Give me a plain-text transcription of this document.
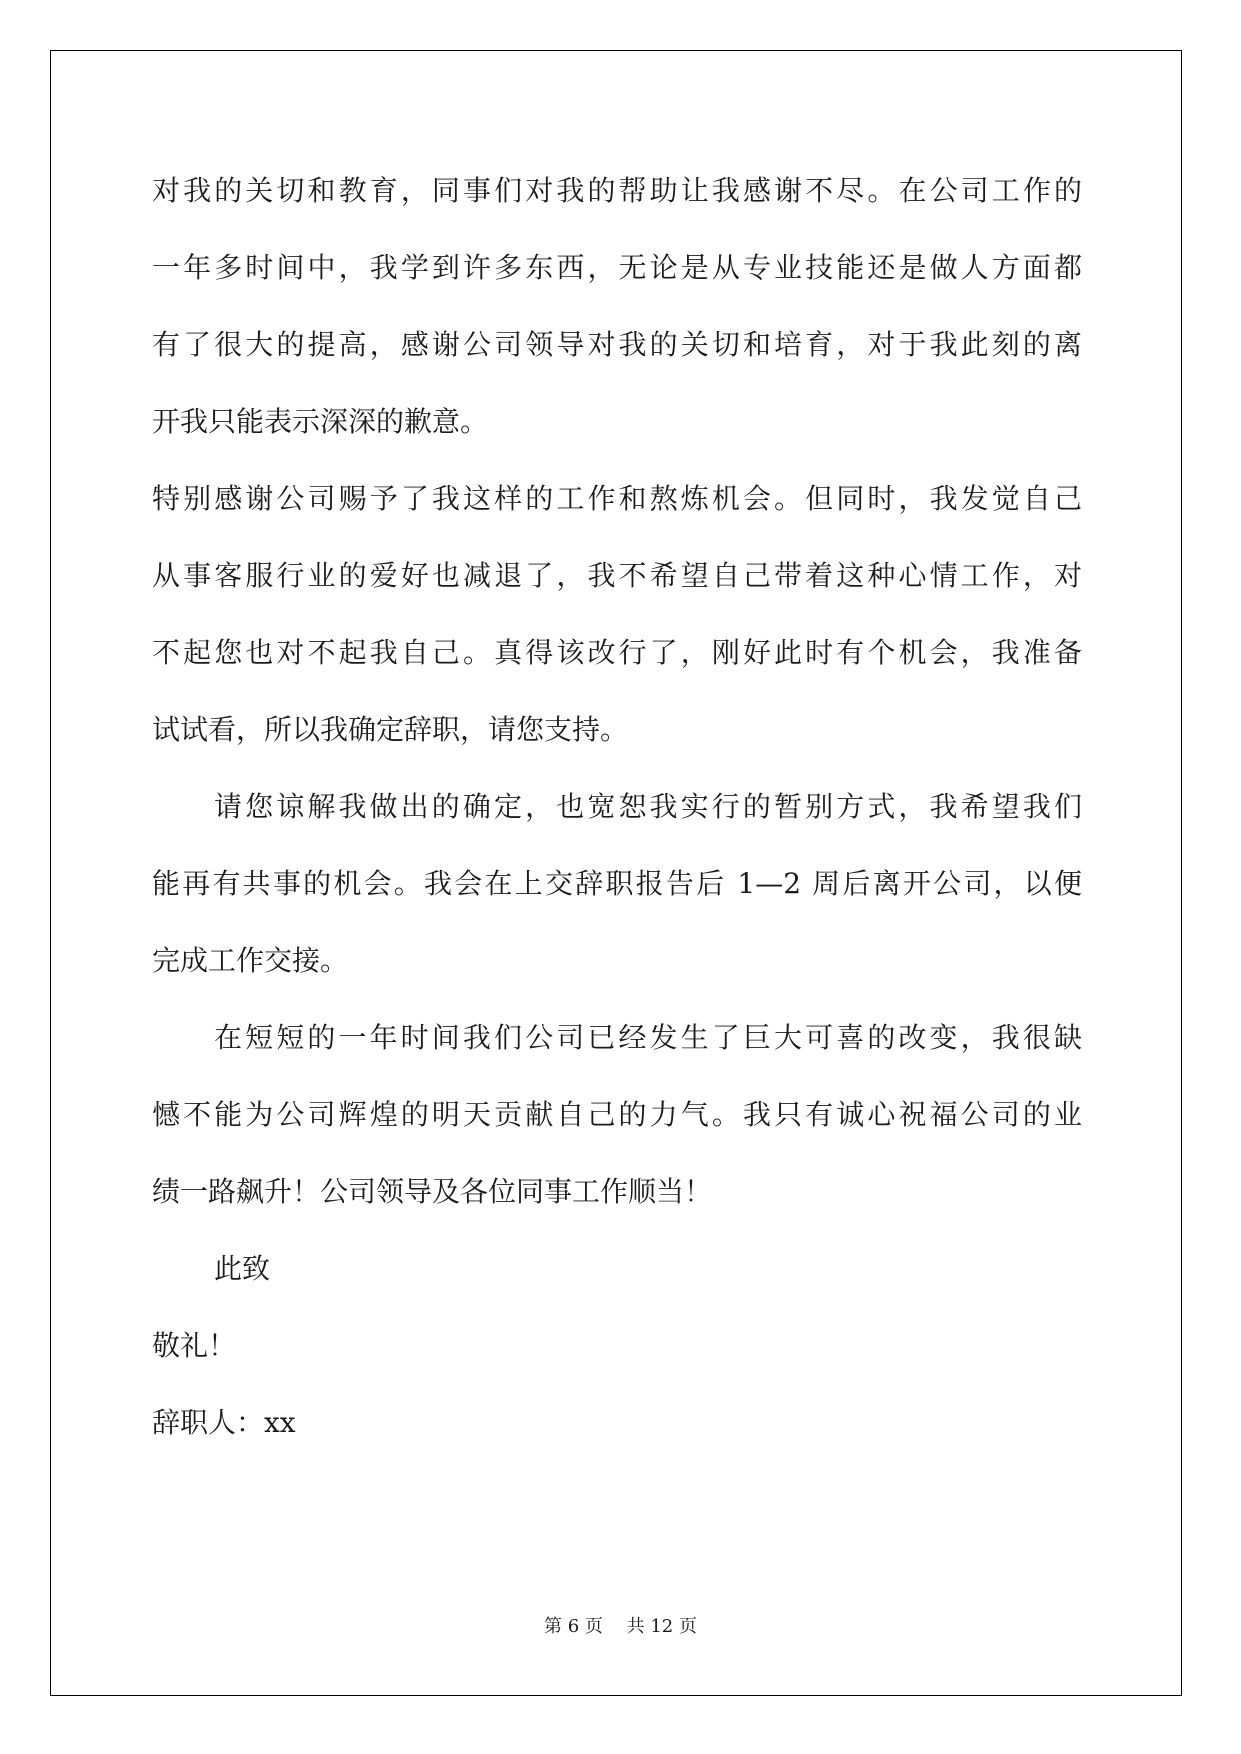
对我的关切和教育，同事们对我的帮助让我感谢不尽。在公司工作的
一年多时间中，我学到许多东西，无论是从专业技能还是做人方面都
有了很大的提高，感谢公司领导对我的关切和培育，对于我此刻的离
开我只能表示深深的歉意。
特别感谢公司赐予了我这样的工作和熬炼机会。但同时，我发觉自己
从事客服行业的爱好也减退了，我不希望自己带着这种心情工作，对
不起您也对不起我自己。真得该改行了，刚好此时有个机会，我准备
试试看，所以我确定辞职，请您支持。
请您谅解我做出的确定，也宽恕我实行的暂别方式，我希望我们
能再有共事的机会。我会在上交辞职报告后 1—2 周后离开公司，以便
完成工作交接。
在短短的一年时间我们公司已经发生了巨大可喜的改变，我很缺
憾不能为公司辉煌的明天贡献自己的力气。我只有诚心祝福公司的业
绩一路飙升！公司领导及各位同事工作顺当！
此致
敬礼！
辞职人：xx
第 6 页　 共 12 页
